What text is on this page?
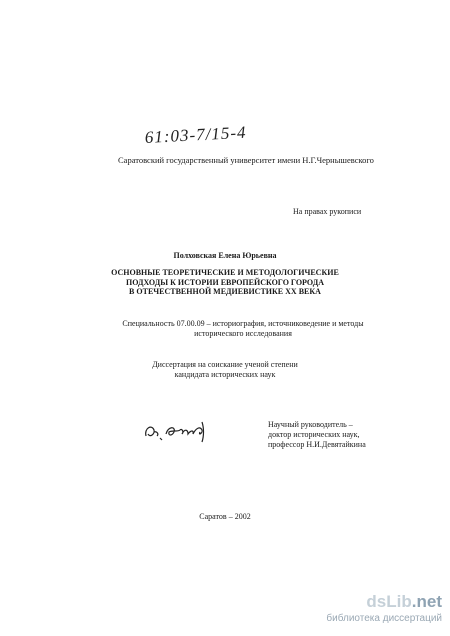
61:03-7/15-4
Саратовский государственный университет имени Н.Г.Чернышевского
На правах рукописи
Полховская Елена Юрьевна
ОСНОВНЫЕ ТЕОРЕТИЧЕСКИЕ И МЕТОДОЛОГИЧЕСКИЕ
ПОДХОДЫ К ИСТОРИИ ЕВРОПЕЙСКОГО ГОРОДА
В ОТЕЧЕСТВЕННОЙ МЕДИЕВИСТИКЕ XX ВЕКА
Специальность 07.00.09 – историография, источниковедение и методы
исторического исследования
Диссертация на соискание ученой степени
кандидата исторических наук
Научный руководитель –
доктор исторических наук,
профессор Н.И.Девятайкина
Саратов – 2002
dsLib.net
библиотека диссертаций
